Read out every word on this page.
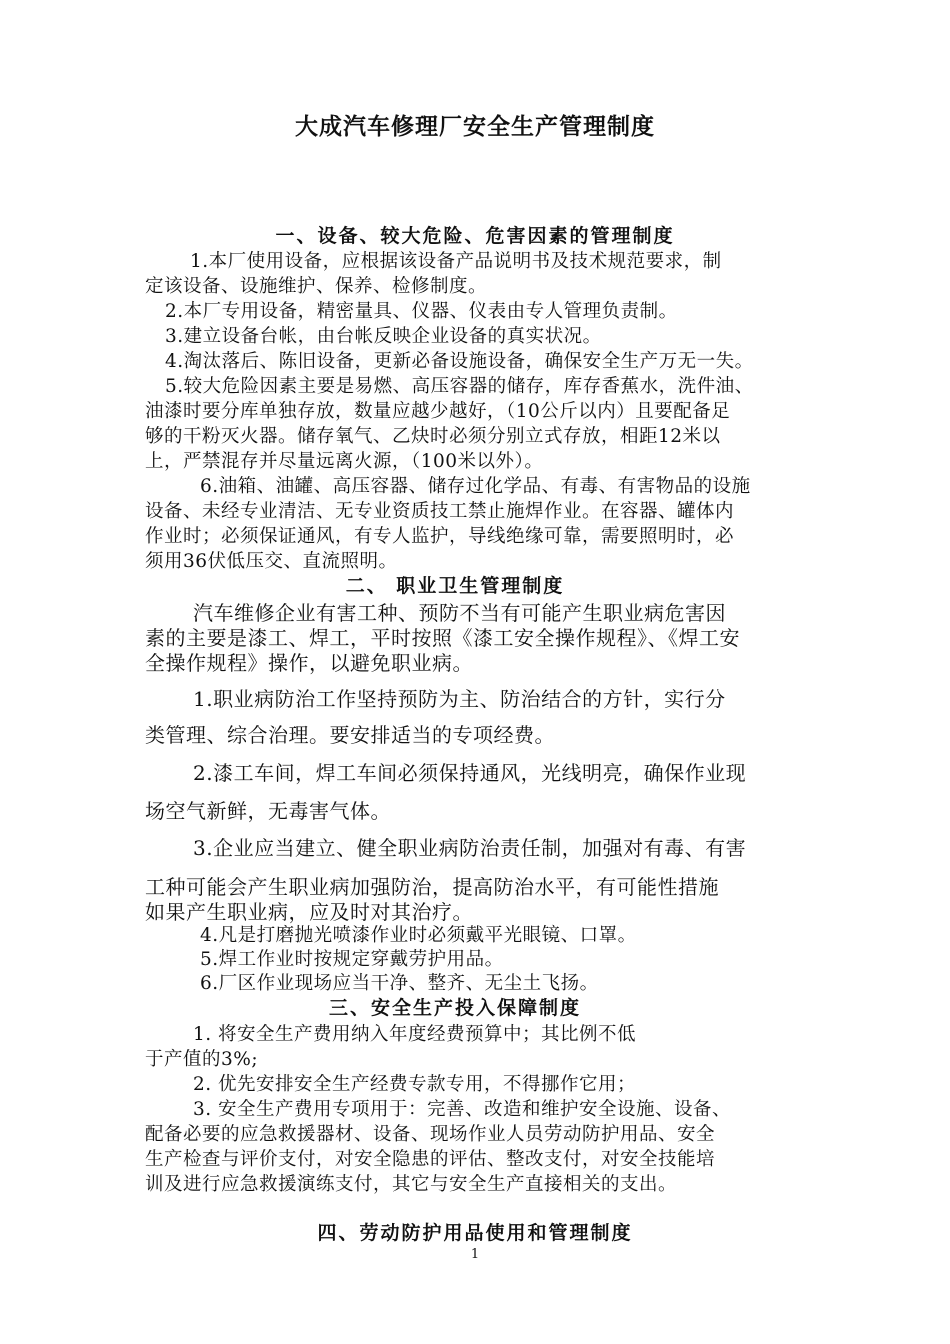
大成汽车修理厂安全生产管理制度
一、设备、较大危险、危害因素的管理制度
1.本厂使用设备，应根据该设备产品说明书及技术规范要求，制
定该设备、设施维护、保养、检修制度。
2.本厂专用设备，精密量具、仪器、仪表由专人管理负责制。
3.建立设备台帐，由台帐反映企业设备的真实状况。
4.淘汰落后、陈旧设备，更新必备设施设备，确保安全生产万无一失。
5.较大危险因素主要是易燃、高压容器的储存，库存香蕉水，洗件油、
油漆时要分库单独存放，数量应越少越好，（10公斤以内）且要配备足
够的干粉灭火器。储存氧气、乙炔时必须分别立式存放，相距12米以
上，严禁混存并尽量远离火源，（100米以外）。
6.油箱、油罐、高压容器、储存过化学品、有毒、有害物品的设施
设备、未经专业清洁、无专业资质技工禁止施焊作业。在容器、罐体内
作业时；必须保证通风，有专人监护，导线绝缘可靠，需要照明时，必
须用36伏低压交、直流照明。
二、 职业卫生管理制度
汽车维修企业有害工种、预防不当有可能产生职业病危害因
素的主要是漆工、焊工，平时按照《漆工安全操作规程》、《焊工安
全操作规程》操作，以避免职业病。
1.职业病防治工作坚持预防为主、防治结合的方针，实行分
类管理、综合治理。要安排适当的专项经费。
2.漆工车间，焊工车间必须保持通风，光线明亮，确保作业现
场空气新鲜，无毒害气体。
3.企业应当建立、健全职业病防治责任制，加强对有毒、有害
工种可能会产生职业病加强防治，提高防治水平，有可能性措施
如果产生职业病，应及时对其治疗。
4.凡是打磨抛光喷漆作业时必须戴平光眼镜、口罩。
5.焊工作业时按规定穿戴劳护用品。
6.厂区作业现场应当干净、整齐、无尘土飞扬。
三、安全生产投入保障制度
1. 将安全生产费用纳入年度经费预算中；其比例不低
于产值的3%;
2. 优先安排安全生产经费专款专用，不得挪作它用；
3. 安全生产费用专项用于：完善、改造和维护安全设施、设备、
配备必要的应急救援器材、设备、现场作业人员劳动防护用品、安全
生产检查与评价支付，对安全隐患的评估、整改支付，对安全技能培
训及进行应急救援演练支付，其它与安全生产直接相关的支出。
四、劳动防护用品使用和管理制度
1
